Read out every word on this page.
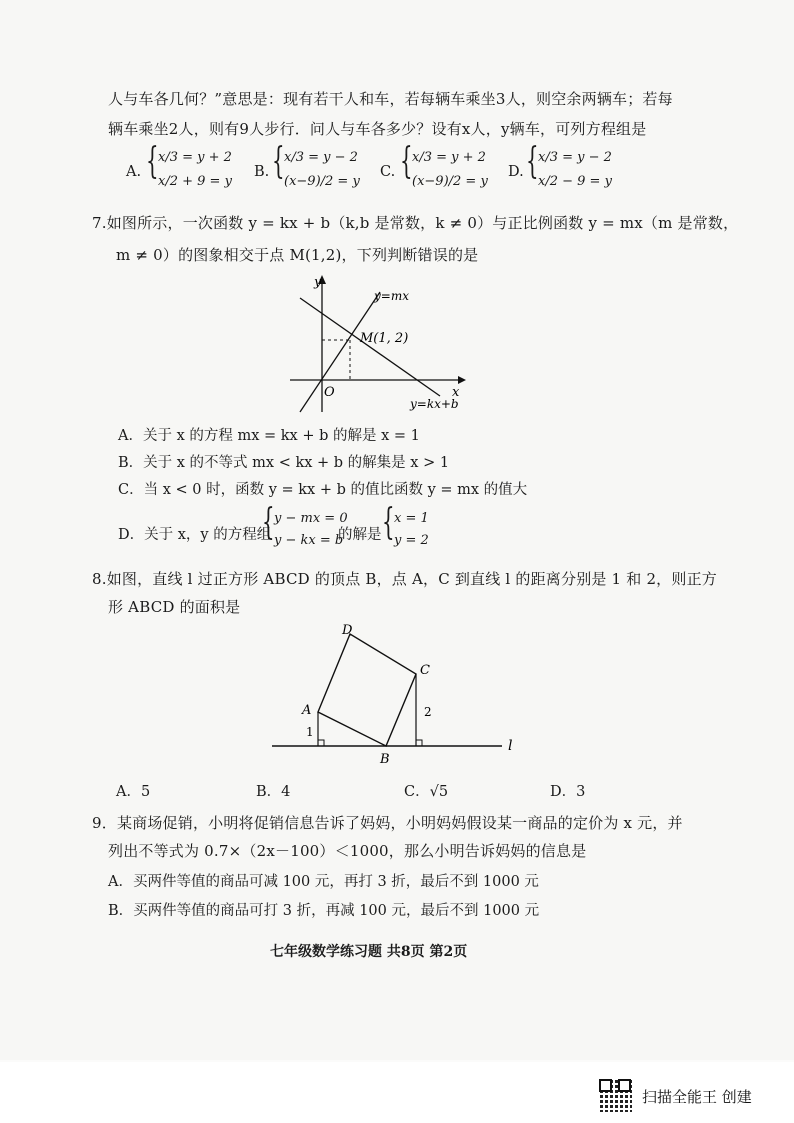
人与车各几何？”意思是：现有若干人和车，若每辆车乘坐3人，则空余两辆车；若每
辆车乘坐2人，则有9人步行．问人与车各多少？设有x人，y辆车，可列方程组是
A. { x/3 = y + 2
x/2 + 9 = y
B. { x/3 = y − 2
(x−9)/2 = y
C. { x/3 = y + 2
(x−9)/2 = y
D. { x/3 = y − 2
x/2 − 9 = y
7.如图所示，一次函数 y = kx + b（k,b 是常数，k ≠ 0）与正比例函数 y = mx（m 是常数，
m ≠ 0）的图象相交于点 M(1,2)，下列判断错误的是
y
x
O
y=mx
y=kx+b
M(1, 2)
A．关于 x 的方程 mx = kx + b 的解是 x = 1
B．关于 x 的不等式 mx < kx + b 的解集是 x > 1
C．当 x < 0 时，函数 y = kx + b 的值比函数 y = mx 的值大
D．关于 x，y 的方程组
{ y − mx = 0
y − kx = b
的解是 { x = 1
y = 2
8.如图，直线 l 过正方形 ABCD 的顶点 B，点 A，C 到直线 l 的距离分别是 1 和 2，则正方
形 ABCD 的面积是
A
B
C
D
l
1
2
A．5	B．4	C．√5	D．3
9．某商场促销，小明将促销信息告诉了妈妈，小明妈妈假设某一商品的定价为 x 元，并
列出不等式为 0.7×（2x－100）＜1000，那么小明告诉妈妈的信息是
A．买两件等值的商品可减 100 元，再打 3 折，最后不到 1000 元
B．买两件等值的商品可打 3 折，再减 100 元，最后不到 1000 元
七年级数学练习题 共8页 第2页
扫描全能王 创建
